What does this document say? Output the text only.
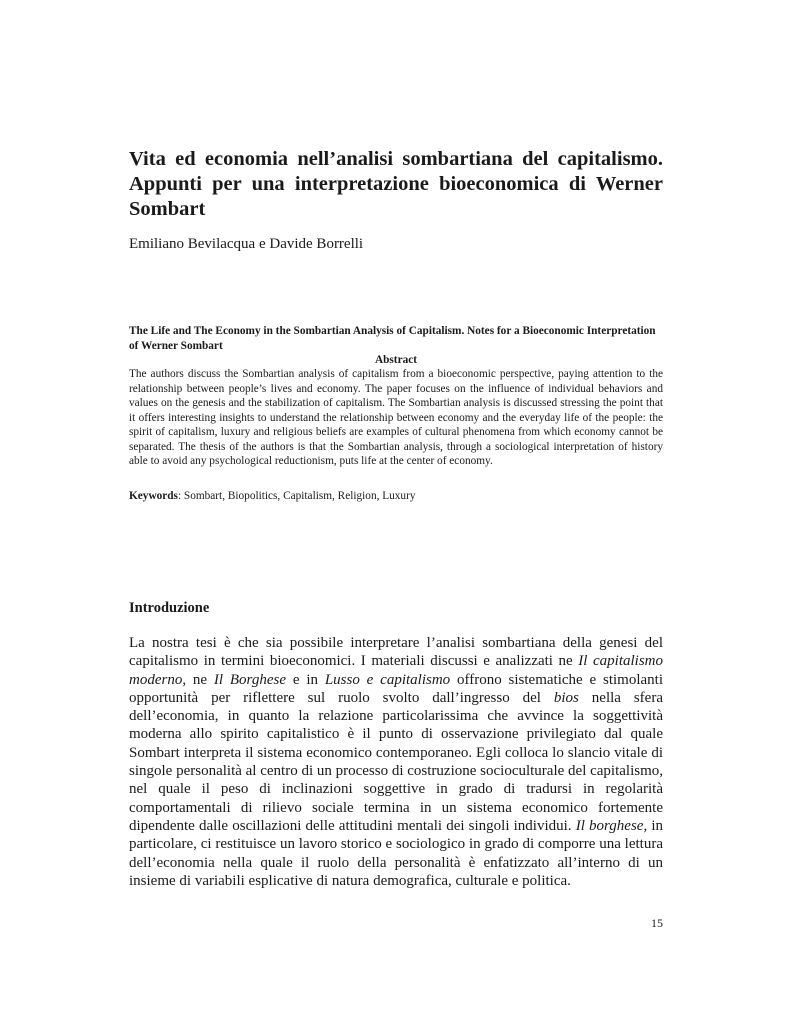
Vita ed economia nell’analisi sombartiana del capitalismo. Appunti per una interpretazione bioeconomica di Werner Sombart

Emiliano Bevilacqua e Davide Borrelli

The Life and The Economy in the Sombartian Analysis of Capitalism. Notes for a Bioeconomic Interpretation of Werner Sombart

Abstract

The authors discuss the Sombartian analysis of capitalism from a bioeconomic perspective, paying attention to the relationship between people’s lives and economy. The paper focuses on the influence of individual behaviors and values on the genesis and the stabilization of capitalism. The Sombartian analysis is discussed stressing the point that it offers interesting insights to understand the relationship between economy and the everyday life of the people: the spirit of capitalism, luxury and religious beliefs are examples of cultural phenomena from which economy cannot be separated. The thesis of the authors is that the Sombartian analysis, through a sociological interpretation of history able to avoid any psychological reductionism, puts life at the center of economy.

Keywords: Sombart, Biopolitics, Capitalism, Religion, Luxury

Introduzione

La nostra tesi è che sia possibile interpretare l’analisi sombartiana della genesi del capitalismo in termini bioeconomici. I materiali discussi e analizzati ne Il capitalismo moderno, ne Il Borghese e in Lusso e capitalismo offrono sistematiche e stimolanti opportunità per riflettere sul ruolo svolto dall’ingresso del bios nella sfera dell’economia, in quanto la relazione particolarissima che avvince la soggettività moderna allo spirito capitalistico è il punto di osservazione privilegiato dal quale Sombart interpreta il sistema economico contemporaneo. Egli colloca lo slancio vitale di singole personalità al centro di un processo di costruzione socioculturale del capitalismo, nel quale il peso di inclinazioni soggettive in grado di tradursi in regolarità comportamentali di rilievo sociale termina in un sistema economico fortemente dipendente dalle oscillazioni delle attitudini mentali dei singoli individui. Il borghese, in particolare, ci restituisce un lavoro storico e sociologico in grado di comporre una lettura dell’economia nella quale il ruolo della personalità è enfatizzato all’interno di un insieme di variabili esplicative di natura demografica, culturale e politica.

15
